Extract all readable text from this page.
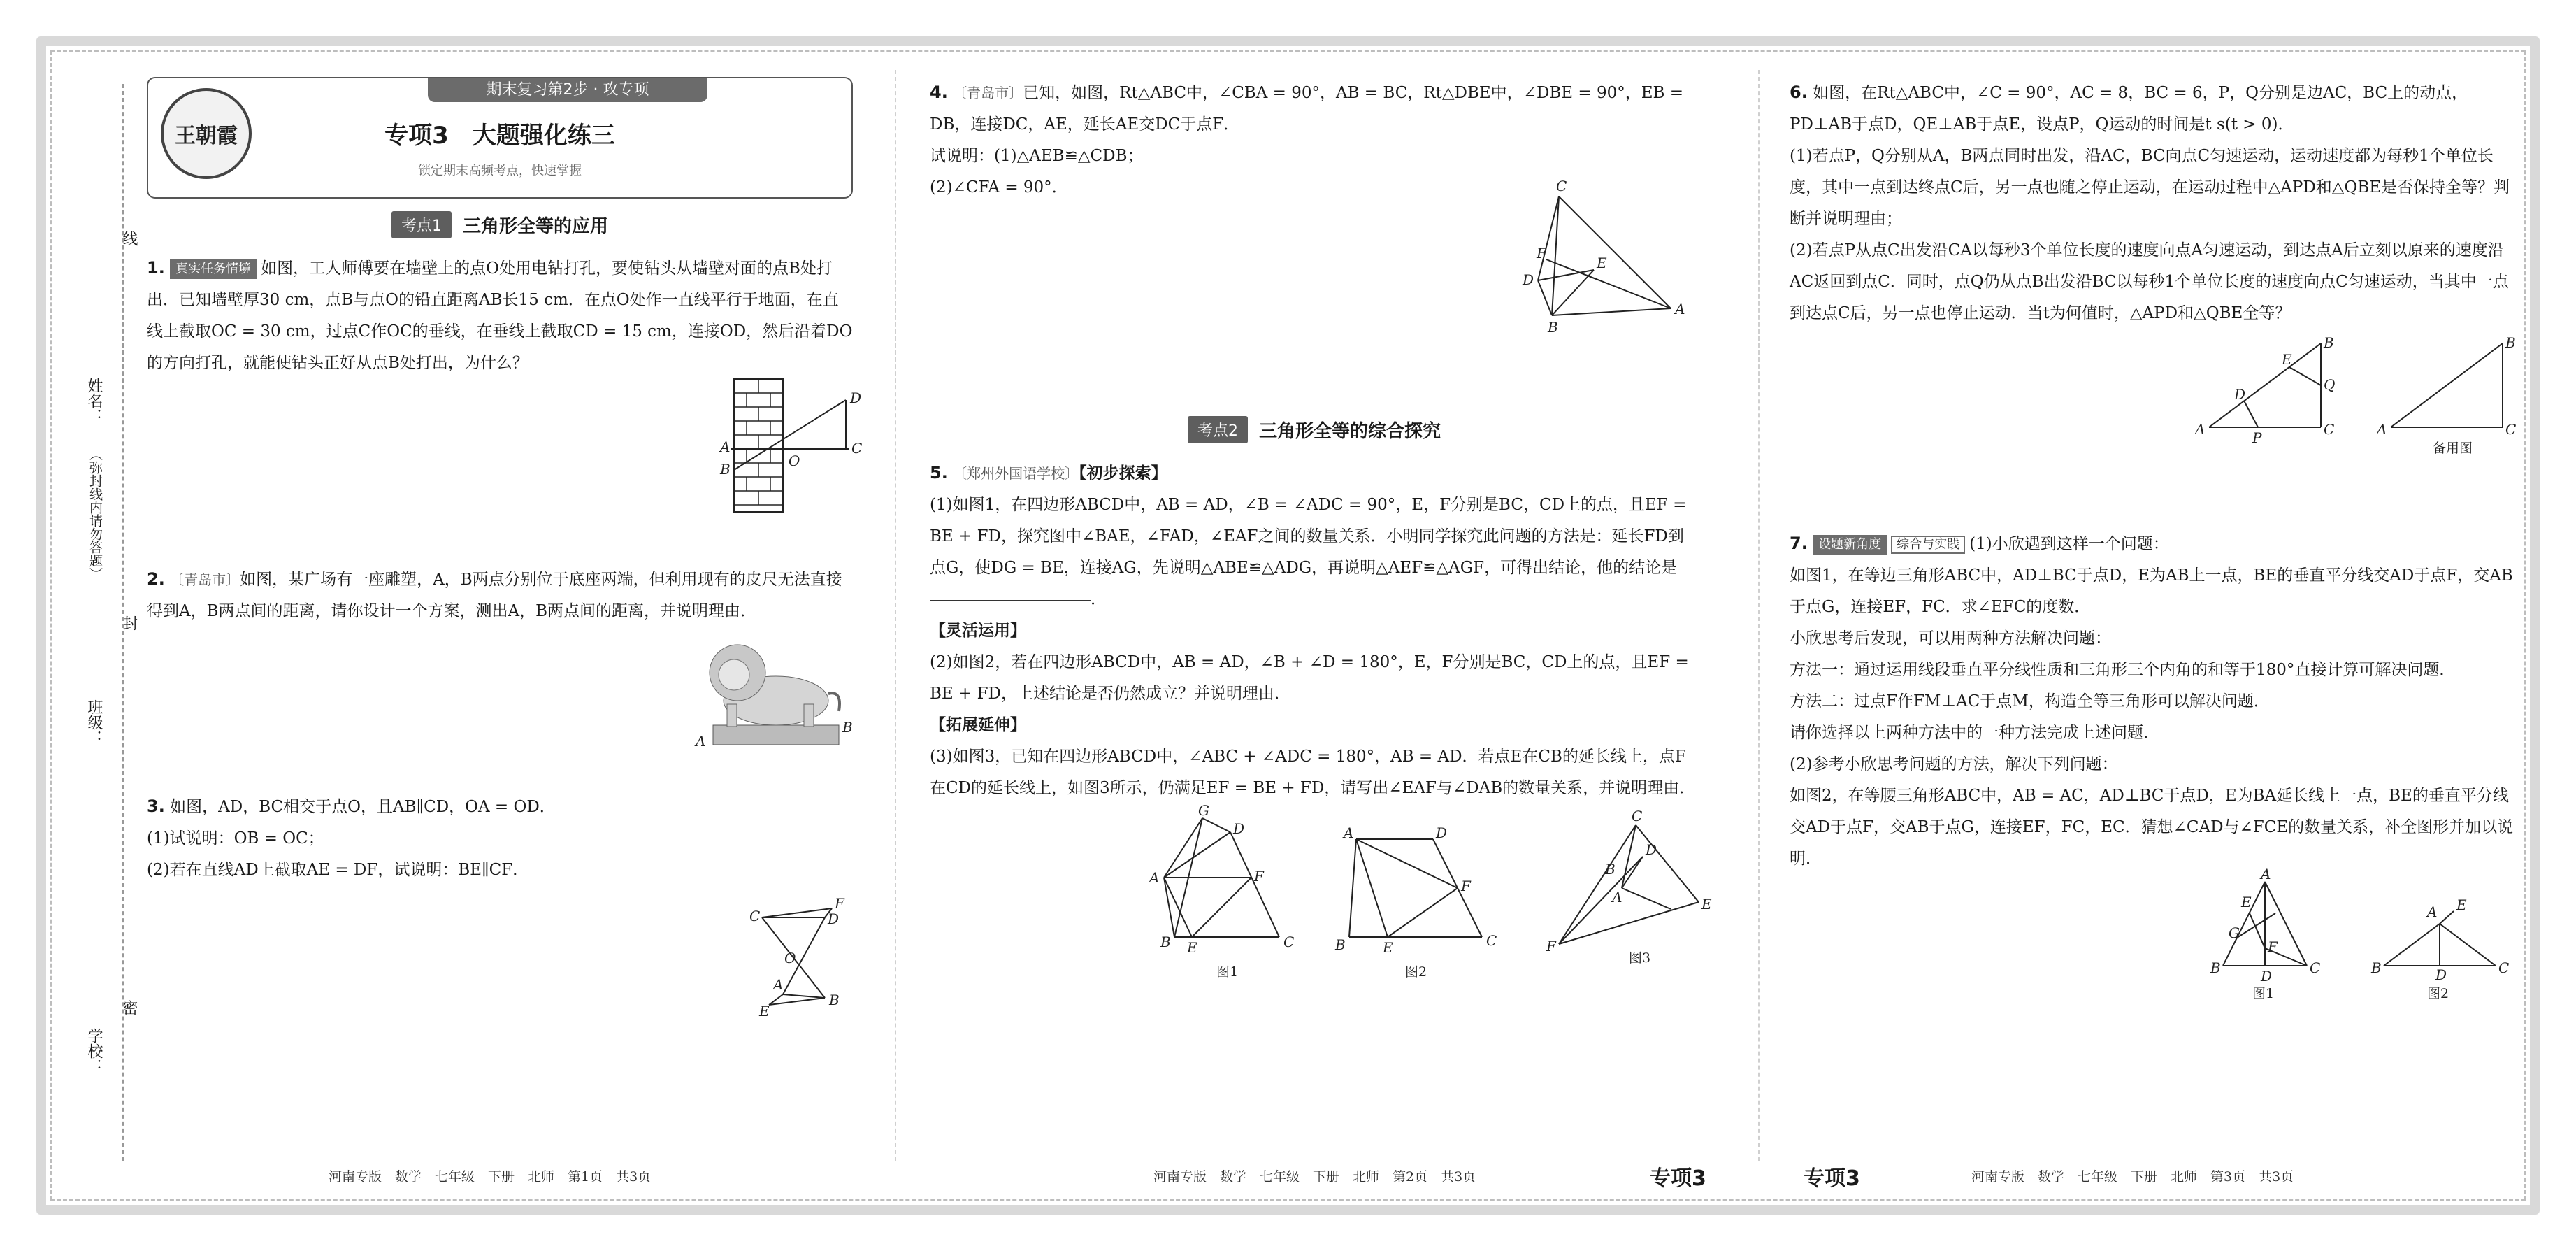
姓名：
（弥封线内请勿答题）
班级：
学校：
线
封
密
王朝霞
期末复习第2步 · 攻专项
专项3　大题强化练三
锁定期末高频考点，快速掌握
考点1	三角形全等的应用

1. 真实任务情境 如图，工人师傅要在墙壁上的点O处用电钻打孔，要使钻头从墙壁对面的点B处打出．已知墙壁厚30 cm，点B与点O的铅直距离AB长15 cm．在点O处作一直线平行于地面，在直线上截取OC = 30 cm，过点C作OC的垂线，在垂线上截取CD = 15 cm，连接OD，然后沿着DO的方向打孔，就能使钻头正好从点B处打出，为什么？

A
B	O
C
D

2. 〔青岛市〕如图，某广场有一座雕塑，A，B两点分别位于底座两端，但利用现有的皮尺无法直接得到A，B两点间的距离，请你设计一个方案，测出A，B两点间的距离，并说明理由．

A
B

3. 如图，AD，BC相交于点O，且AB∥CD，OA = OD．

(1)试说明：OB = OC；

(2)若在直线AD上截取AE = DF，试说明：BE∥CF．

C	D
F
O
A
B
E

4. 〔青岛市〕已知，如图，Rt△ABC中，∠CBA = 90°，AB = BC，Rt△DBE中，∠DBE = 90°，EB = DB，连接DC，AE，延长AE交DC于点F．

试说明：(1)△AEB≌△CDB；

(2)∠CFA = 90°．	C
F
D
E
B
A
考点2	三角形全等的综合探究

5. 〔郑州外国语学校〕【初步探索】

(1)如图1，在四边形ABCD中，AB = AD，∠B = ∠ADC = 90°，E，F分别是BC，CD上的点，且EF = BE + FD，探究图中∠BAE，∠FAD，∠EAF之间的数量关系．小明同学探究此问题的方法是：延长FD到点G，使DG = BE，连接AG，先说明△ABE≌△ADG，再说明△AEF≌△AGF，可得出结论，他的结论是．

【灵活运用】

(2)如图2，若在四边形ABCD中，AB = AD，∠B + ∠D = 180°，E，F分别是BC，CD上的点，且EF = BE + FD，上述结论是否仍然成立？并说明理由．

【拓展延伸】

(3)如图3，已知在四边形ABCD中，∠ABC + ∠ADC = 180°，AB = AD．若点E在CB的延长线上，点F在CD的延长线上，如图3所示，仍满足EF = BE + FD，请写出∠EAF与∠DAB的数量关系，并说明理由．

G
D
A	F
B E	C
图1
A	D
F
B	E	C
图2
C
D
B
A	E
F
图3

6. 如图，在Rt△ABC中，∠C = 90°，AC = 8，BC = 6，P，Q分别是边AC，BC上的动点，PD⊥AB于点D，QE⊥AB于点E，设点P，Q运动的时间是t s(t > 0)．

(1)若点P，Q分别从A，B两点同时出发，沿AC，BC向点C匀速运动，运动速度都为每秒1个单位长度，其中一点到达终点C后，另一点也随之停止运动，在运动过程中△APD和△QBE是否保持全等？判断并说明理由；

(2)若点P从点C出发沿CA以每秒3个单位长度的速度向点A匀速运动，到达点A后立刻以原来的速度沿AC返回到点C．同时，点Q仍从点B出发沿BC以每秒1个单位长度的速度向点C匀速运动，当其中一点到达点C后，另一点也停止运动．当t为何值时，△APD和△QBE全等？

A	P	C
B
Q
D
E
A	C
B
备用图

7. 设题新角度 综合与实践 (1)小欣遇到这样一个问题：

如图1，在等边三角形ABC中，AD⊥BC于点D，E为AB上一点，BE的垂直平分线交AD于点F，交AB于点G，连接EF，FC．求∠EFC的度数．

小欣思考后发现，可以用两种方法解决问题：

方法一：通过运用线段垂直平分线性质和三角形三个内角的和等于180°直接计算可解决问题．

方法二：过点F作FM⊥AC于点M，构造全等三角形可以解决问题．

请你选择以上两种方法中的一种方法完成上述问题．

(2)参考小欣思考问题的方法，解决下列问题：

如图2，在等腰三角形ABC中，AB = AC，AD⊥BC于点D，E为BA延长线上一点，BE的垂直平分线交AD于点F，交AB于点G，连接EF，FC，EC．猜想∠CAD与∠FCE的数量关系，补全图形并加以说明．

A
E
G
F
B	D	C
图1
A E
B	D	C
图2
河南专版　数学　七年级　下册　北师　第1页　共3页	河南专版　数学　七年级　下册　北师　第2页　共3页	专项3	专项3	河南专版　数学　七年级　下册　北师　第3页　共3页
